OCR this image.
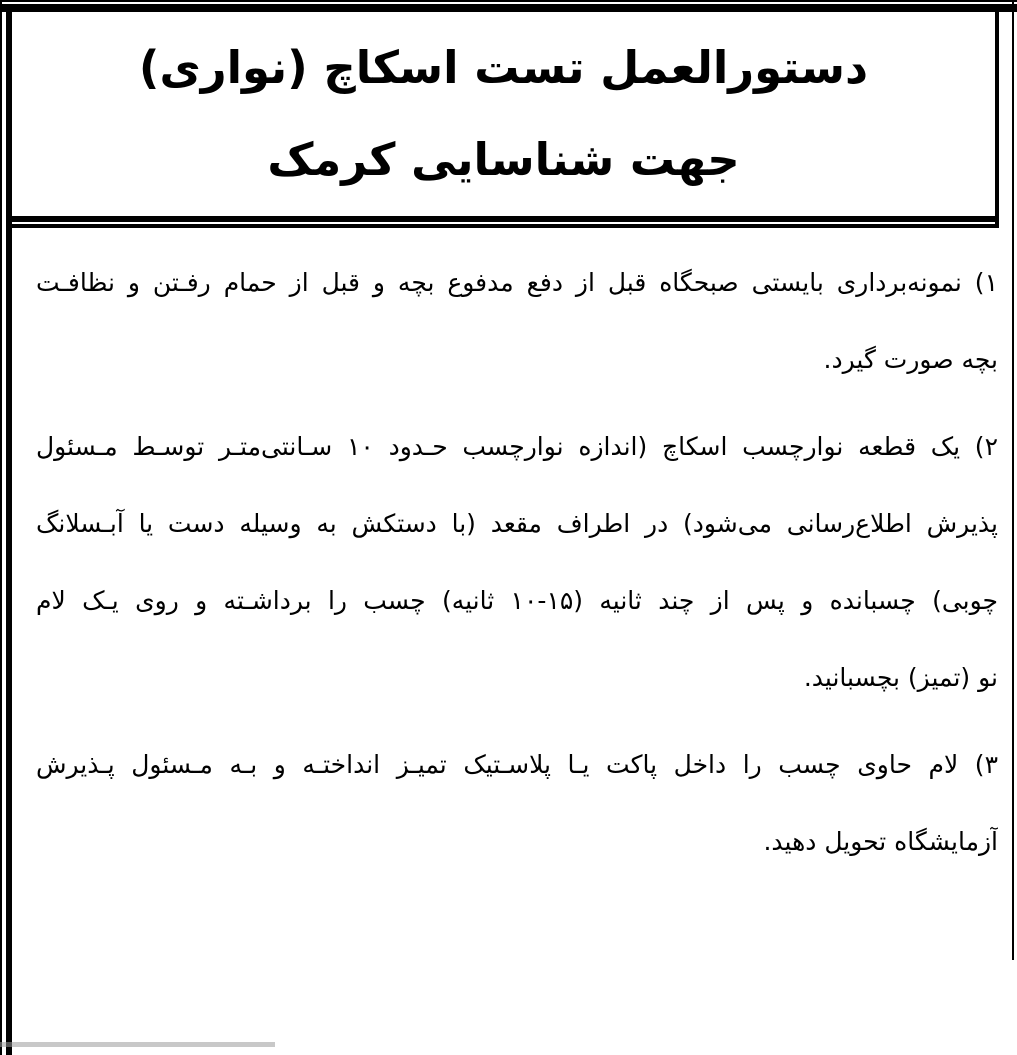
دستورالعمل تست اسکاچ (نواری)
جهت شناسایی کرمک
۱) نمونه‌برداری بایستی صبحگاه قبل از دفع مدفوع بچه و قبل از حمام رفـتن و نظافـت
بچه صورت گیرد.
۲) یک قطعه نوارچسب اسکاچ (اندازه نوارچسب حـدود ۱۰ سـانتی‌متـر توسـط مـسئول
پذیرش اطلاع‌رسانی می‌شود) در اطراف مقعد (با دستکش به وسیله دست یا آبـسلانگ
چوبی) چسبانده و پس از چند ثانیه (۱۵-۱۰ ثانیه) چسب را برداشـته و روی یـک لام
نو (تمیز) بچسبانید.
۳) لام حاوی چسب را داخل پاکت یـا پلاسـتیک تمیـز انداختـه و بـه مـسئول پـذیرش
آزمایشگاه تحویل دهید.
